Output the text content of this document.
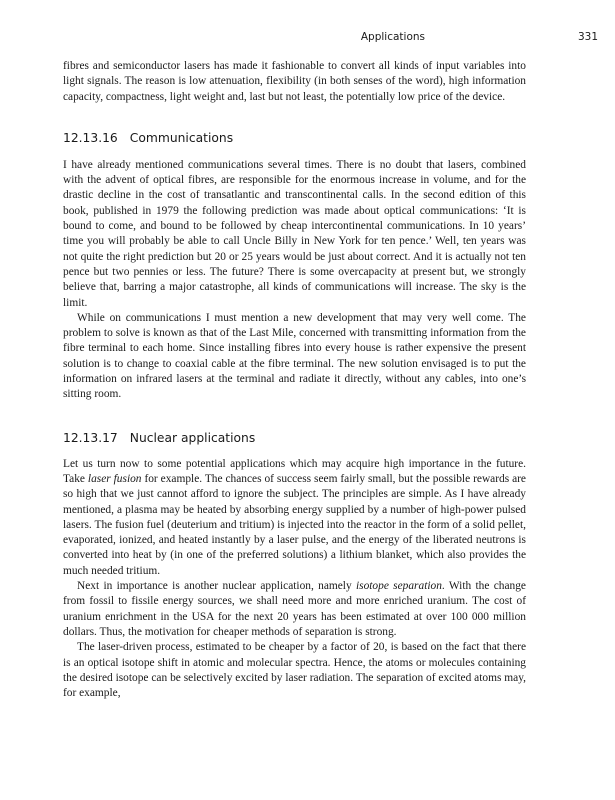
Applications	331

fibres and semiconductor lasers has made it fashionable to convert all kinds of input variables into light signals. The reason is low attenuation, flexibility (in both senses of the word), high information capacity, compactness, light weight and, last but not least, the potentially low price of the device.

12.13.16 Communications

I have already mentioned communications several times. There is no doubt that lasers, combined with the advent of optical fibres, are responsible for the enormous increase in volume, and for the drastic decline in the cost of transatlantic and transcontinental calls. In the second edition of this book, published in 1979 the following prediction was made about optical communications: ‘It is bound to come, and bound to be followed by cheap intercontinental communications. In 10 years’ time you will probably be able to call Uncle Billy in New York for ten pence.’ Well, ten years was not quite the right prediction but 20 or 25 years would be just about correct. And it is actually not ten pence but two pennies or less. The future? There is some overcapacity at present but, we strongly believe that, barring a major catastrophe, all kinds of communications will increase. The sky is the limit.

While on communications I must mention a new development that may very well come. The problem to solve is known as that of the Last Mile, concerned with transmitting information from the fibre terminal to each home. Since installing fibres into every house is rather expensive the present solution is to change to coaxial cable at the fibre terminal. The new solution envisaged is to put the information on infrared lasers at the terminal and radiate it directly, without any cables, into one’s sitting room.

12.13.17 Nuclear applications

Let us turn now to some potential applications which may acquire high importance in the future. Take laser fusion for example. The chances of success seem fairly small, but the possible rewards are so high that we just cannot afford to ignore the subject. The principles are simple. As I have already mentioned, a plasma may be heated by absorbing energy supplied by a number of high-power pulsed lasers. The fusion fuel (deuterium and tritium) is injected into the reactor in the form of a solid pellet, evaporated, ionized, and heated instantly by a laser pulse, and the energy of the liberated neutrons is converted into heat by (in one of the preferred solutions) a lithium blanket, which also provides the much needed tritium.

Next in importance is another nuclear application, namely isotope separation. With the change from fossil to fissile energy sources, we shall need more and more enriched uranium. The cost of uranium enrichment in the USA for the next 20 years has been estimated at over 100 000 million dollars. Thus, the motivation for cheaper methods of separation is strong.

The laser-driven process, estimated to be cheaper by a factor of 20, is based on the fact that there is an optical isotope shift in atomic and molecular spectra. Hence, the atoms or molecules containing the desired isotope can be selectively excited by laser radiation. The separation of excited atoms may, for example,
